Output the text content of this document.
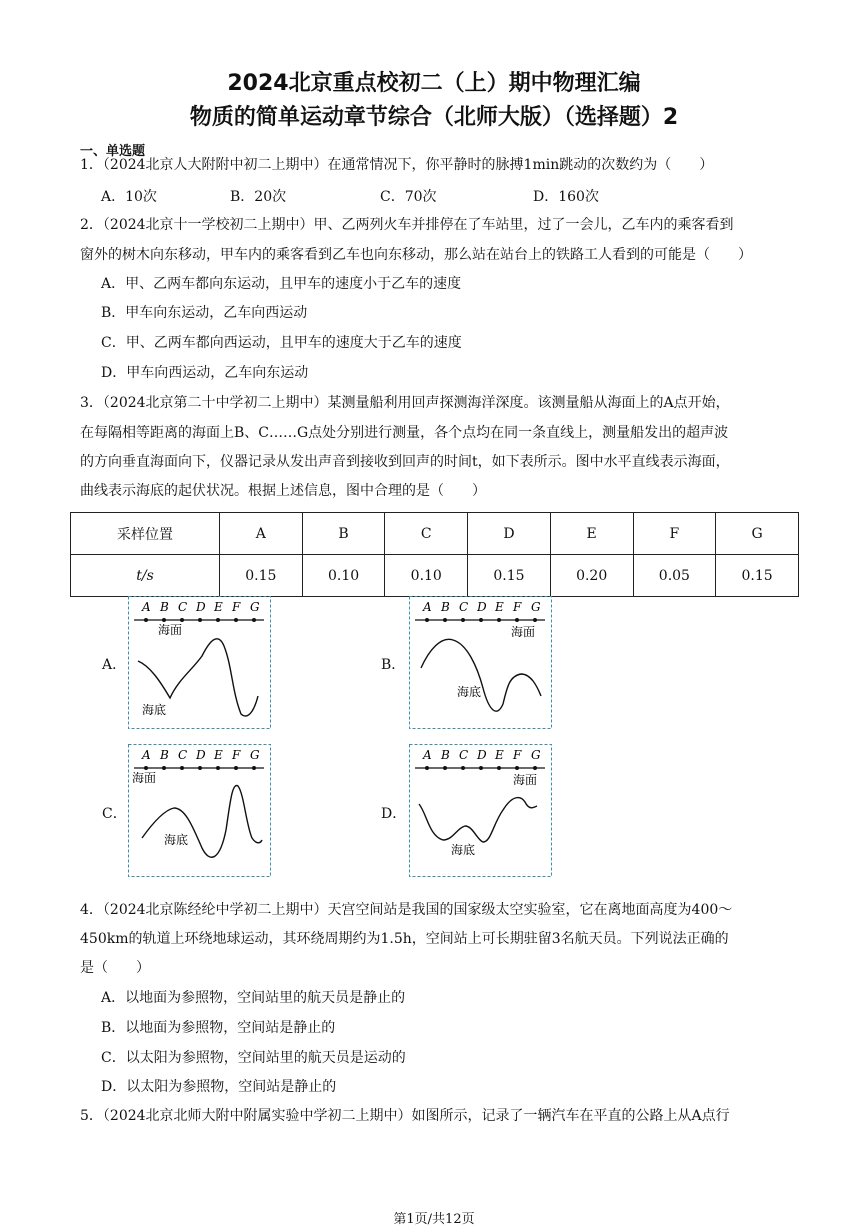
2024北京重点校初二（上）期中物理汇编
物质的简单运动章节综合（北师大版）（选择题）2
一、单选题
1．（2024北京人大附附中初二上期中）在通常情况下，你平静时的脉搏1min跳动的次数约为（　　）
A．10次	B．20次	C．70次	D．160次
2．（2024北京十一学校初二上期中）甲、乙两列火车并排停在了车站里，过了一会儿，乙车内的乘客看到
窗外的树木向东移动，甲车内的乘客看到乙车也向东移动，那么站在站台上的铁路工人看到的可能是（　　）
A．甲、乙两车都向东运动，且甲车的速度小于乙车的速度
B．甲车向东运动，乙车向西运动
C．甲、乙两车都向西运动，且甲车的速度大于乙车的速度
D．甲车向西运动，乙车向东运动
3．（2024北京第二十中学初二上期中）某测量船利用回声探测海洋深度。该测量船从海面上的A点开始，
在每隔相等距离的海面上B、C……G点处分别进行测量，各个点均在同一条直线上，测量船发出的超声波
的方向垂直海面向下，仪器记录从发出声音到接收到回声的时间t，如下表所示。图中水平直线表示海面，
曲线表示海底的起伏状况。根据上述信息，图中合理的是（　　）
采样位置	A	B	C	D	E	F	G
t/s	0.15	0.10	0.10	0.15	0.20	0.05	0.15
A．	B．
C．	D．
A B C D E F G
海面
海底
A B C D E F G
海面
海底
A B C D E F G
海面
海底
A B C D E F G
海面
海底
4．（2024北京陈经纶中学初二上期中）天宫空间站是我国的国家级太空实验室，它在离地面高度为400～
450km的轨道上环绕地球运动，其环绕周期约为1.5h，空间站上可长期驻留3名航天员。下列说法正确的
是（　　）
A．以地面为参照物，空间站里的航天员是静止的
B．以地面为参照物，空间站是静止的
C．以太阳为参照物，空间站里的航天员是运动的
D．以太阳为参照物，空间站是静止的
5．（2024北京北师大附中附属实验中学初二上期中）如图所示，记录了一辆汽车在平直的公路上从A点行
第1页/共12页
